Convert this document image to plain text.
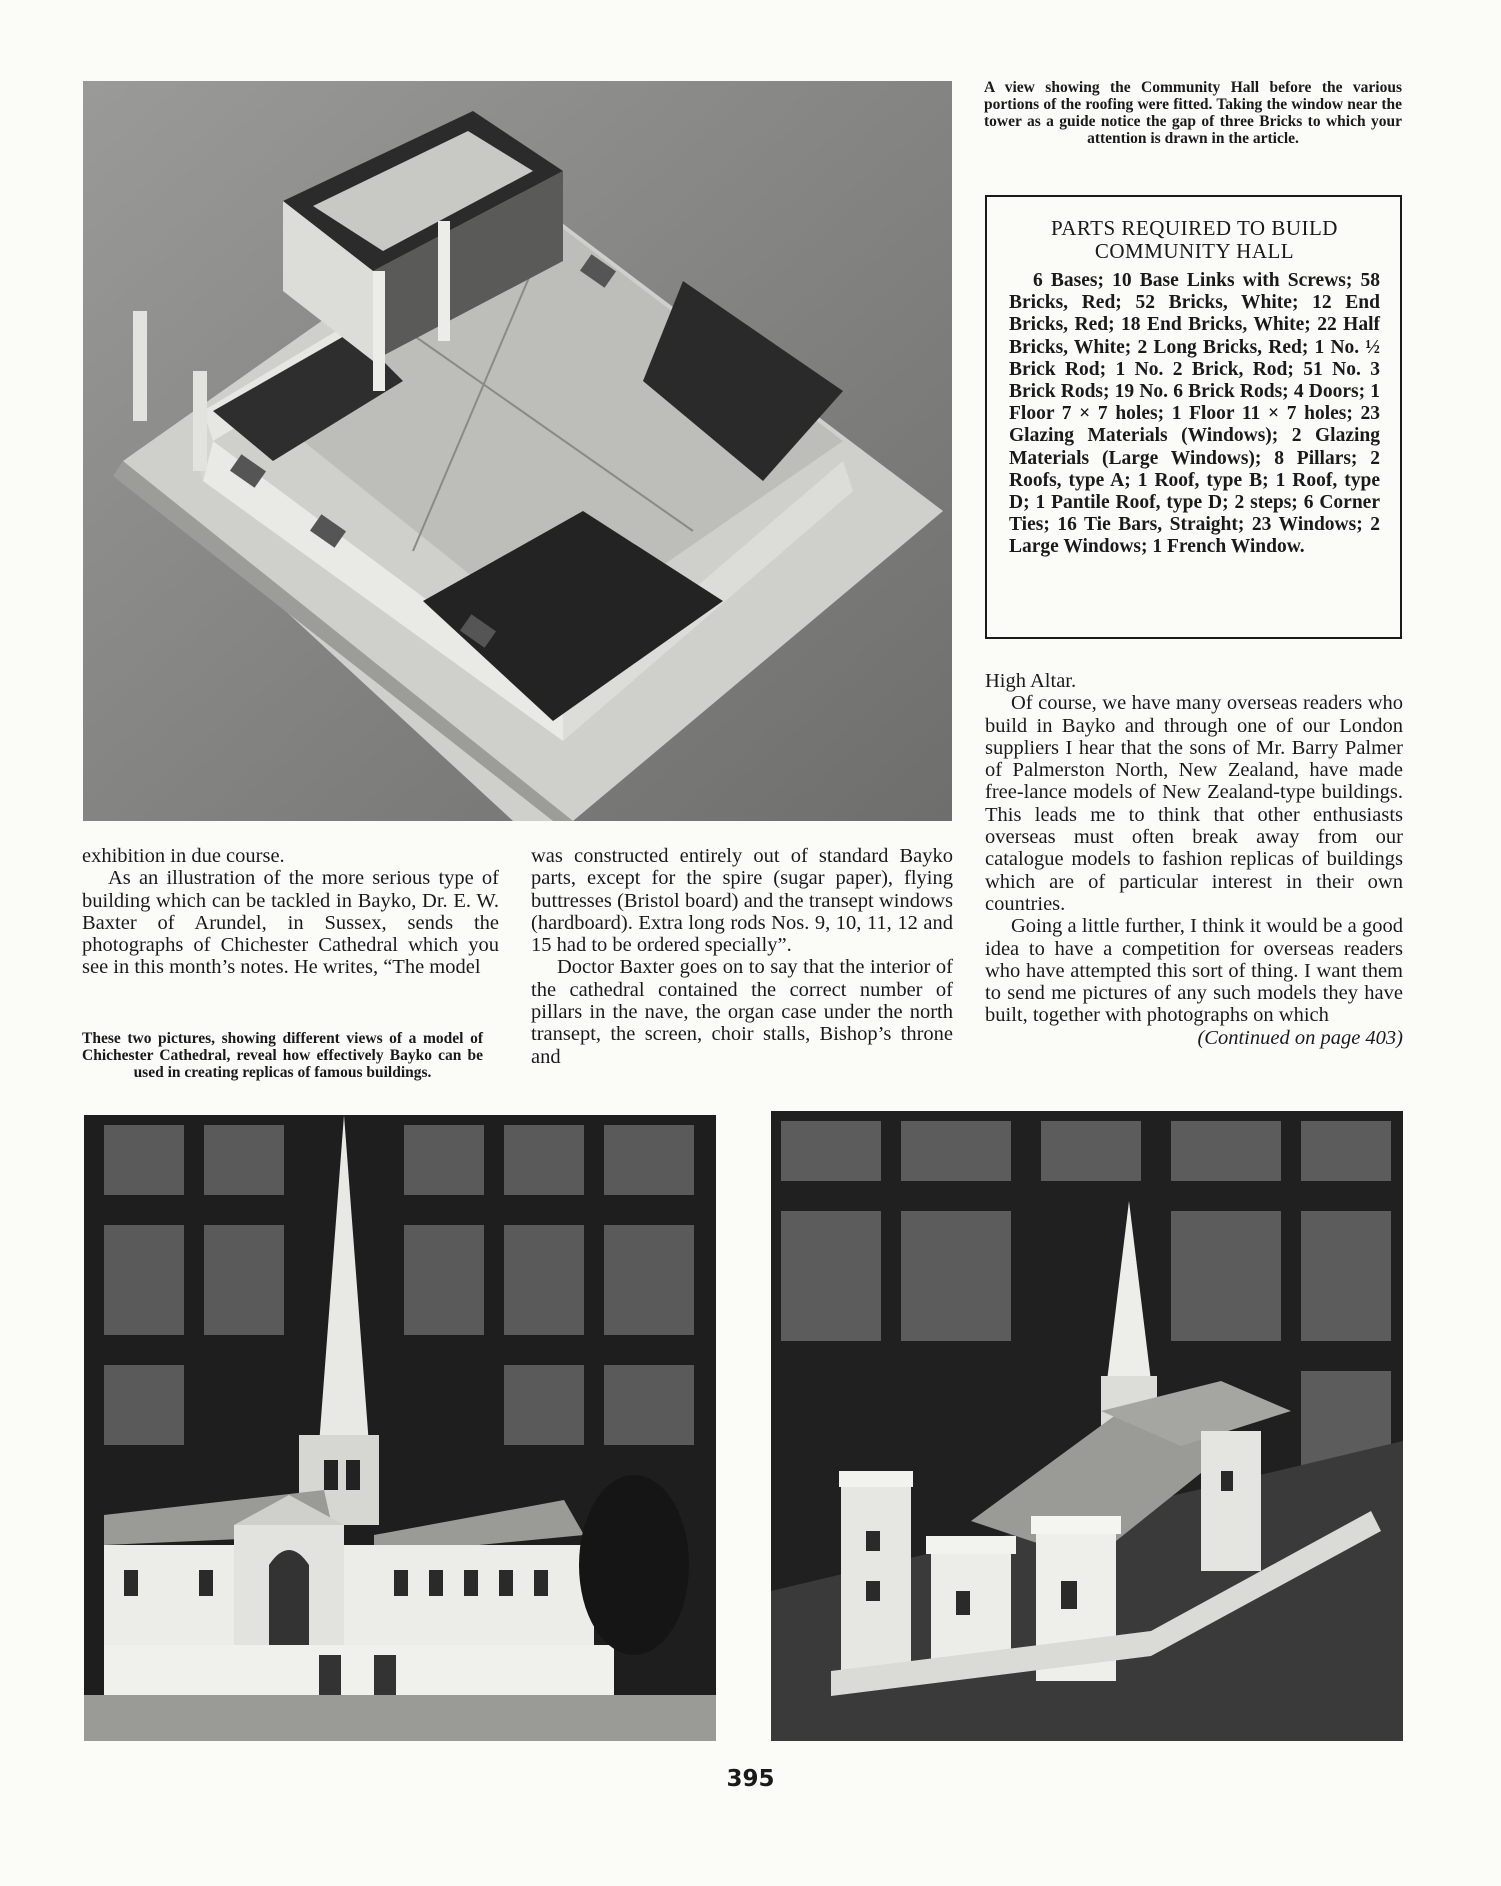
A view showing the Community Hall before the various portions of the roofing were fitted. Taking the window near the tower as a guide notice the gap of three Bricks to which your attention is drawn in the article.
PARTS REQUIRED TO BUILD COMMUNITY HALL
6 Bases; 10 Base Links with Screws; 58 Bricks, Red; 52 Bricks, White; 12 End Bricks, Red; 18 End Bricks, White; 22 Half Bricks, White; 2 Long Bricks, Red; 1 No. ½ Brick Rod; 1 No. 2 Brick, Rod; 51 No. 3 Brick Rods; 19 No. 6 Brick Rods; 4 Doors; 1 Floor 7 × 7 holes; 1 Floor 11 × 7 holes; 23 Glazing Materials (Windows); 2 Glazing Materials (Large Windows); 8 Pillars; 2 Roofs, type A; 1 Roof, type B; 1 Roof, type D; 1 Pantile Roof, type D; 2 steps; 6 Corner Ties; 16 Tie Bars, Straight; 23 Windows; 2 Large Windows; 1 French Window.

exhibition in due course.

As an illustration of the more serious type of building which can be tackled in Bayko, Dr. E. W. Baxter of Arundel, in Sussex, sends the photographs of Chichester Cathedral which you see in this month’s notes. He writes, “The model

These two pictures, showing different views of a model of Chichester Cathedral, reveal how effectively Bayko can be used in creating replicas of famous buildings.

was constructed entirely out of standard Bayko parts, except for the spire (sugar paper), flying buttresses (Bristol board) and the transept windows (hardboard). Extra long rods Nos. 9, 10, 11, 12 and 15 had to be ordered specially”.

Doctor Baxter goes on to say that the interior of the cathedral contained the correct number of pillars in the nave, the organ case under the north transept, the screen, choir stalls, Bishop’s throne and

High Altar.

Of course, we have many overseas readers who build in Bayko and through one of our London suppliers I hear that the sons of Mr. Barry Palmer of Palmerston North, New Zealand, have made free-lance models of New Zealand-type buildings. This leads me to think that other enthusiasts overseas must often break away from our catalogue models to fashion replicas of buildings which are of particular interest in their own countries.

Going a little further, I think it would be a good idea to have a competition for overseas readers who have attempted this sort of thing. I want them to send me pictures of any such models they have built, together with photographs on which

(Continued on page 403)

395
